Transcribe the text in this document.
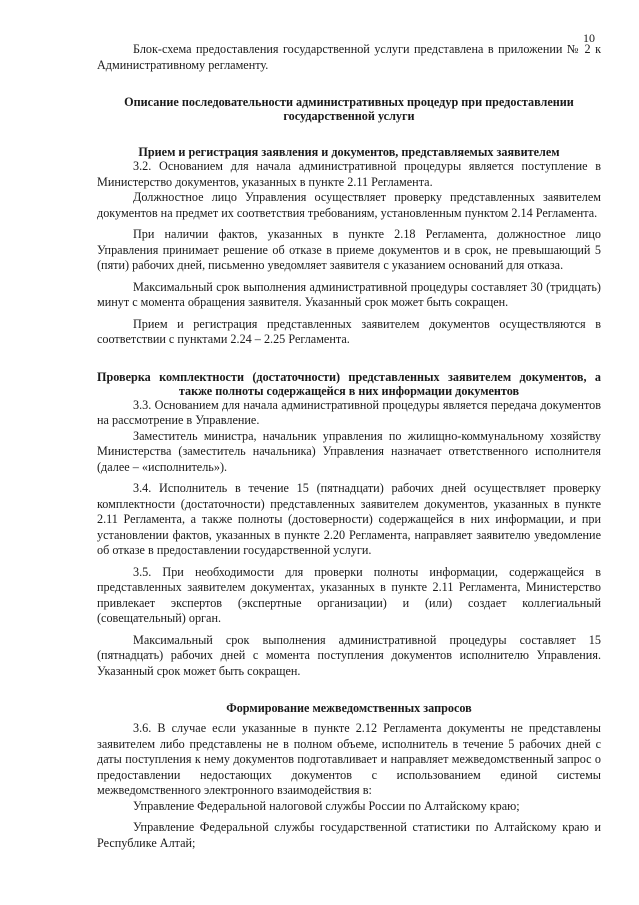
10

Блок-схема предоставления государственной услуги представлена в приложении № 2 к Административному регламенту.

Описание последовательности административных процедур при предоставлении государственной услуги
Прием и регистрация заявления и документов, представляемых заявителем

3.2. Основанием для начала административной процедуры является поступление в Министерство документов, указанных в пункте 2.11 Регламента.

Должностное лицо Управления осуществляет проверку представленных заявителем документов на предмет их соответствия требованиям, установленным пунктом 2.14 Регламента.

При наличии фактов, указанных в пункте 2.18 Регламента, должностное лицо Управления принимает решение об отказе в приеме документов и в срок, не превышающий 5 (пяти) рабочих дней, письменно уведомляет заявителя с указанием оснований для отказа.

Максимальный срок выполнения административной процедуры составляет 30 (тридцать) минут с момента обращения заявителя. Указанный срок может быть сокращен.

Прием и регистрация представленных заявителем документов осуществляются в соответствии с пунктами 2.24 – 2.25 Регламента.

Проверка комплектности (достаточности) представленных заявителем документов, а также полноты содержащейся в них информации документов

3.3. Основанием для начала административной процедуры является передача документов на рассмотрение в Управление.

Заместитель министра, начальник управления по жилищно-коммунальному хозяйству Министерства (заместитель начальника) Управления назначает ответственного исполнителя (далее – «исполнитель»).

3.4. Исполнитель в течение 15 (пятнадцати) рабочих дней осуществляет проверку комплектности (достаточности) представленных заявителем документов, указанных в пункте 2.11 Регламента, а также полноты (достоверности) содержащейся в них информации, и при установлении фактов, указанных в пункте 2.20 Регламента, направляет заявителю уведомление об отказе в предоставлении государственной услуги.

3.5. При необходимости для проверки полноты информации, содержащейся в представленных заявителем документах, указанных в пункте 2.11 Регламента, Министерство привлекает экспертов (экспертные организации) и (или) создает коллегиальный (совещательный) орган.

Максимальный срок выполнения административной процедуры составляет 15 (пятнадцать) рабочих дней с момента поступления документов исполнителю Управления. Указанный срок может быть сокращен.

Формирование межведомственных запросов

3.6. В случае если указанные в пункте 2.12 Регламента документы не представлены заявителем либо представлены не в полном объеме, исполнитель в течение 5 рабочих дней с даты поступления к нему документов подготавливает и направляет межведомственный запрос о предоставлении недостающих документов с использованием единой системы межведомственного электронного взаимодействия в:

Управление Федеральной налоговой службы России по Алтайскому краю;

Управление Федеральной службы государственной статистики по Алтайскому краю и Республике Алтай;
